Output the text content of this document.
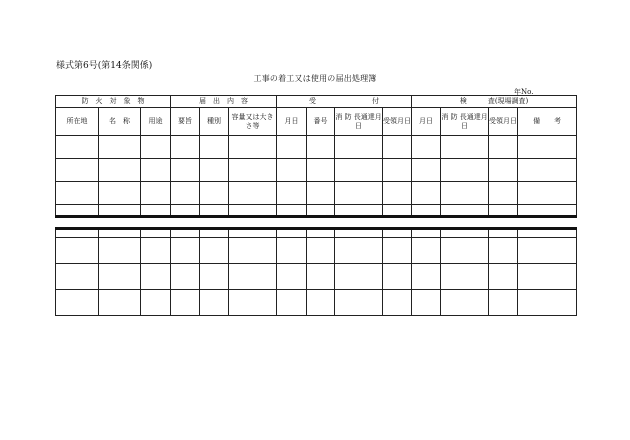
様式第6号(第14条関係)
工事の着工又は使用の届出処理簿
年No.
防　火　対　象　物			届　出　内　容			受　　　　　　　　付				検　　　査(現場調査)			
所在地	名　称	用途	要旨	種別	容量又は大きさ等	月日	番号	消 防 長通達月日	受領月日	月日	消 防 長通達月日	受領月日	備　　考
